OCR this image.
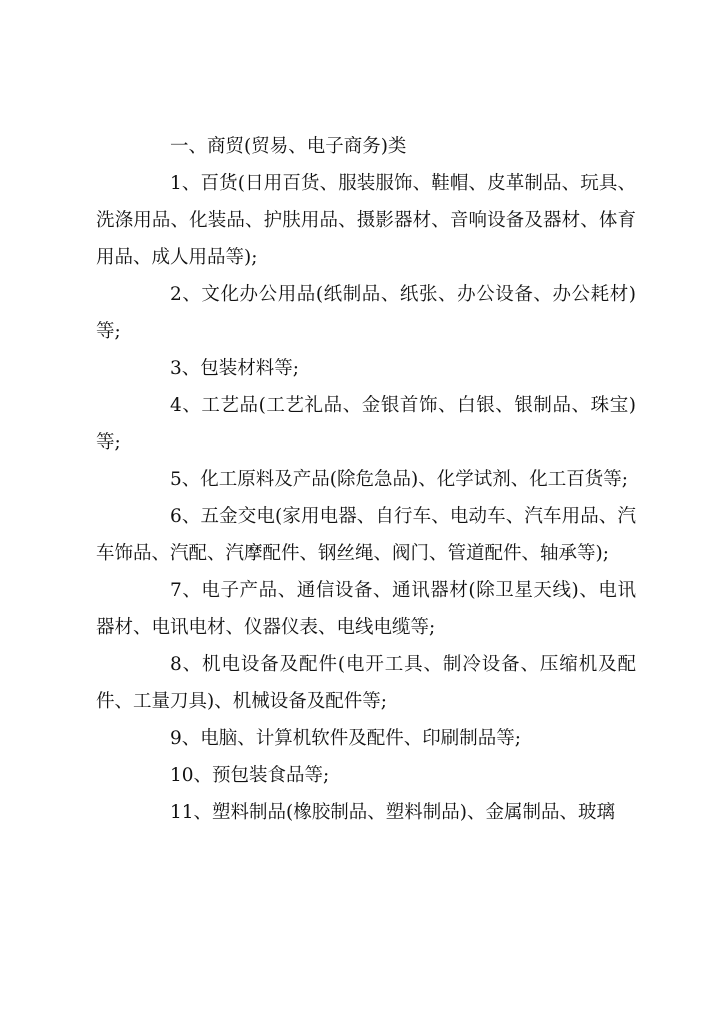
一、商贸(贸易、电子商务)类

1、百货(日用百货、服装服饰、鞋帽、皮革制品、玩具、洗涤用品、化装品、护肤用品、摄影器材、音响设备及器材、体育用品、成人用品等);

2、文化办公用品(纸制品、纸张、办公设备、办公耗材)等;

3、包装材料等;

4、工艺品(工艺礼品、金银首饰、白银、银制品、珠宝)等;

5、化工原料及产品(除危急品)、化学试剂、化工百货等;

6、五金交电(家用电器、自行车、电动车、汽车用品、汽车饰品、汽配、汽摩配件、钢丝绳、阀门、管道配件、轴承等);

7、电子产品、通信设备、通讯器材(除卫星天线)、电讯器材、电讯电材、仪器仪表、电线电缆等;

8、机电设备及配件(电开工具、制冷设备、压缩机及配件、工量刀具)、机械设备及配件等;

9、电脑、计算机软件及配件、印刷制品等;

10、预包装食品等;

11、塑料制品(橡胶制品、塑料制品)、金属制品、玻璃
